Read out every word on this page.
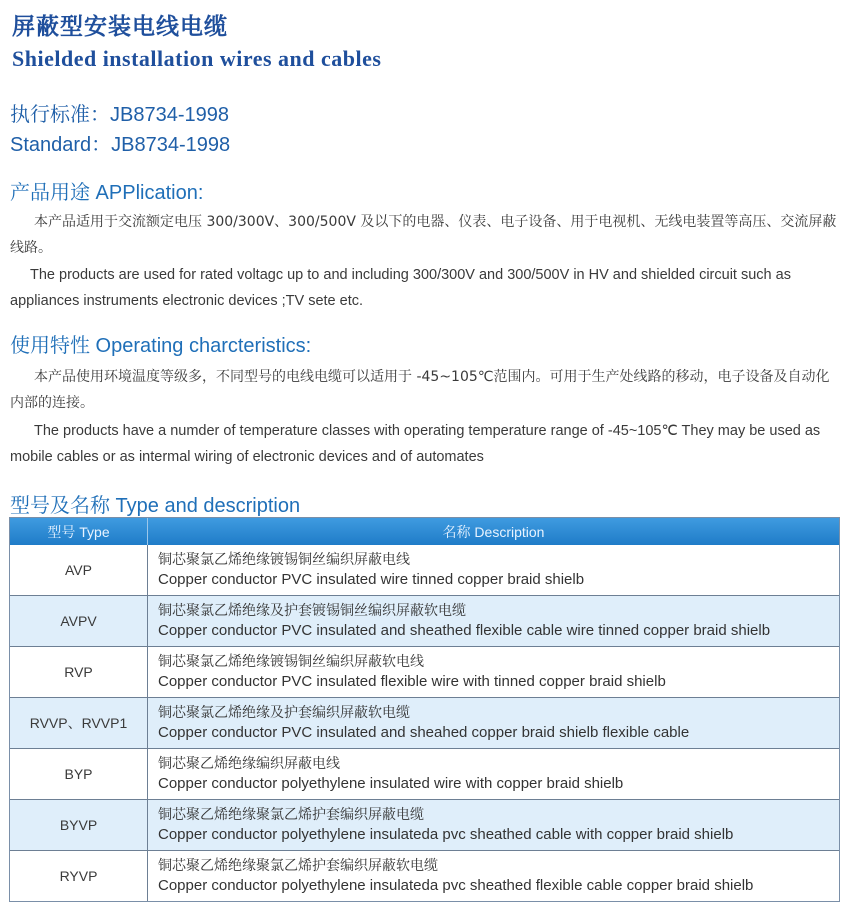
屏蔽型安装电线电缆
Shielded installation wires and cables
执行标准：JB8734-1998
Standard：JB8734-1998
产品用途 APPlication:
本产品适用于交流额定电压 300/300V、300/500V 及以下的电器、仪表、电子设备、用于电视机、无线电装置等高压、交流屏蔽线路。
The products are used for rated voltagc up to and including 300/300V and 300/500V in HV and shielded circuit such as appliances instruments electronic devices ;TV sete etc.
使用特性 Operating charcteristics:
本产品使用环境温度等级多，不同型号的电线电缆可以适用于 -45~105℃范围内。可用于生产处线路的移动，电子设备及自动化内部的连接。
The products have a numder of temperature classes with operating temperature range of -45~105℃ They may be used as mobile cables or as intermal wiring of electronic devices and of automates
型号及名称 Type and description
型号 Type	名称 Description
AVP
铜芯聚氯乙烯绝缘镀锡铜丝编织屏蔽电线
Copper conductor PVC insulated wire tinned copper braid shielb
AVPV
铜芯聚氯乙烯绝缘及护套镀锡铜丝编织屏蔽软电缆
Copper conductor PVC insulated and sheathed flexible cable wire tinned copper braid shielb
RVP
铜芯聚氯乙烯绝缘镀锡铜丝编织屏蔽软电线
Copper conductor PVC insulated flexible wire with tinned copper braid shielb
RVVP、RVVP1
铜芯聚氯乙烯绝缘及护套编织屏蔽软电缆
Copper conductor PVC insulated and sheahed copper braid shielb flexible cable
BYP
铜芯聚乙烯绝缘编织屏蔽电线
Copper conductor polyethylene insulated wire with copper braid shielb
BYVP
铜芯聚乙烯绝缘聚氯乙烯护套编织屏蔽电缆
Copper conductor polyethylene insulateda pvc sheathed cable with copper braid shielb
RYVP
铜芯聚乙烯绝缘聚氯乙烯护套编织屏蔽软电缆
Copper conductor polyethylene insulateda pvc sheathed flexible cable copper braid shielb
